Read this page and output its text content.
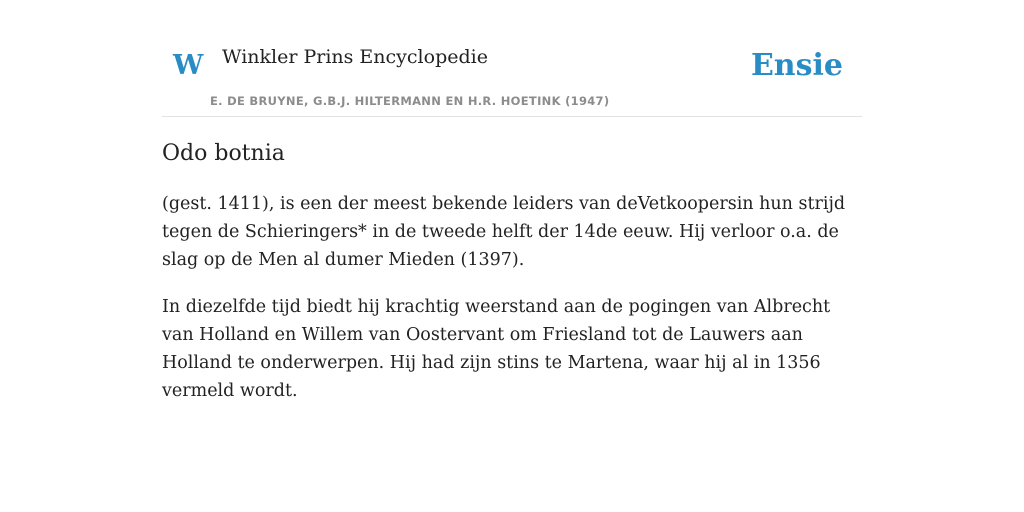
W Winkler Prins Encyclopedie
E. DE BRUYNE, G.B.J. HILTERMANN EN H.R. HOETINK (1947)
Ensie
Odo botnia

(gest. 1411), is een der meest bekende leiders van deVetkoopersin hun strijd tegen de Schieringers* in de tweede helft der 14de eeuw. Hij verloor o.a. de slag op de Men al dumer Mieden (1397).

In diezelfde tijd biedt hij krachtig weerstand aan de pogingen van Albrecht van Holland en Willem van Oostervant om Friesland tot de Lauwers aan Holland te onderwerpen. Hij had zijn stins te Martena, waar hij al in 1356 vermeld wordt.
